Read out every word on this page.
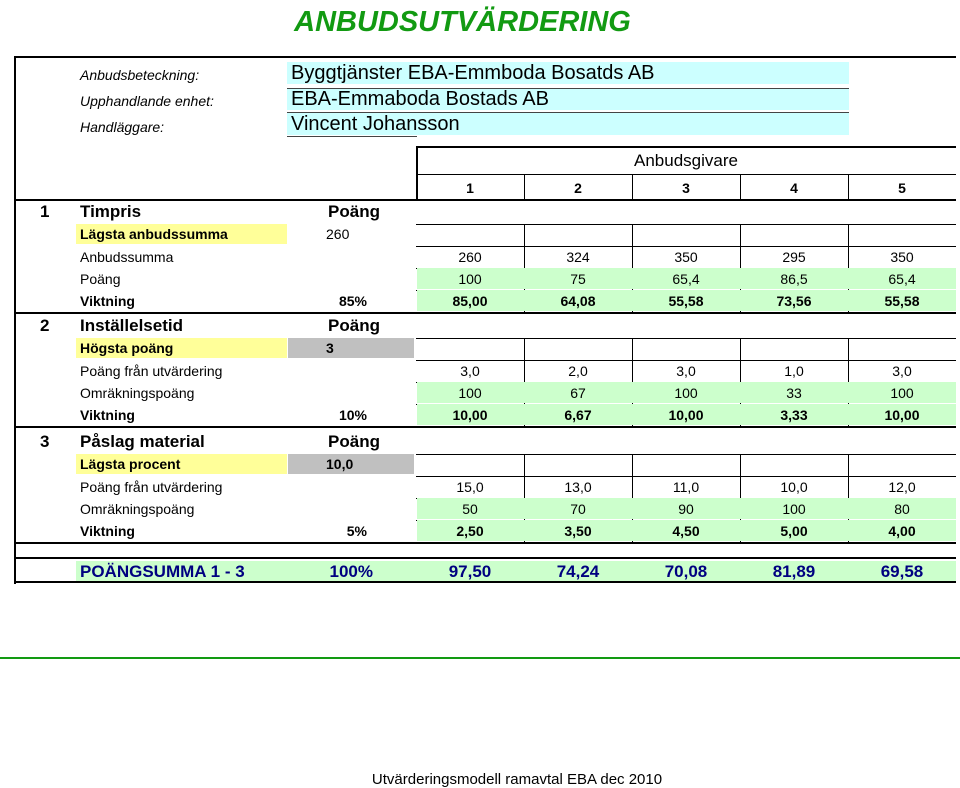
ANBUDSUTVÄRDERING
Anbudsbeteckning:	Byggtjänster EBA-Emmboda Bosatds AB
Upphandlande enhet:	EBA-Emmaboda Bostads AB
Handläggare:	Vincent Johansson
Anbudsgivare
1	2	3	4	5
1 Timpris	Poäng
Lägsta anbudssumma	260
Anbudssumma	260	324	350	295	350
Poäng	100	75	65,4	86,5	65,4
Viktning	85%	85,00	64,08	55,58	73,56	55,58
2 Inställelsetid	Poäng
Högsta poäng	3
Poäng från utvärdering	3,0	2,0	3,0	1,0	3,0
Omräkningspoäng	100	67	100	33	100
Viktning	10%	10,00	6,67	10,00	3,33	10,00
3 Påslag material	Poäng
Lägsta procent	10,0
Poäng från utvärdering	15,0	13,0	11,0	10,0	12,0
Omräkningspoäng	50	70	90	100	80
Viktning	5%	2,50	3,50	4,50	5,00	4,00
POÄNGSUMMA 1 - 3	100%	97,50	74,24	70,08	81,89	69,58
Utvärderingsmodell ramavtal EBA dec 2010
